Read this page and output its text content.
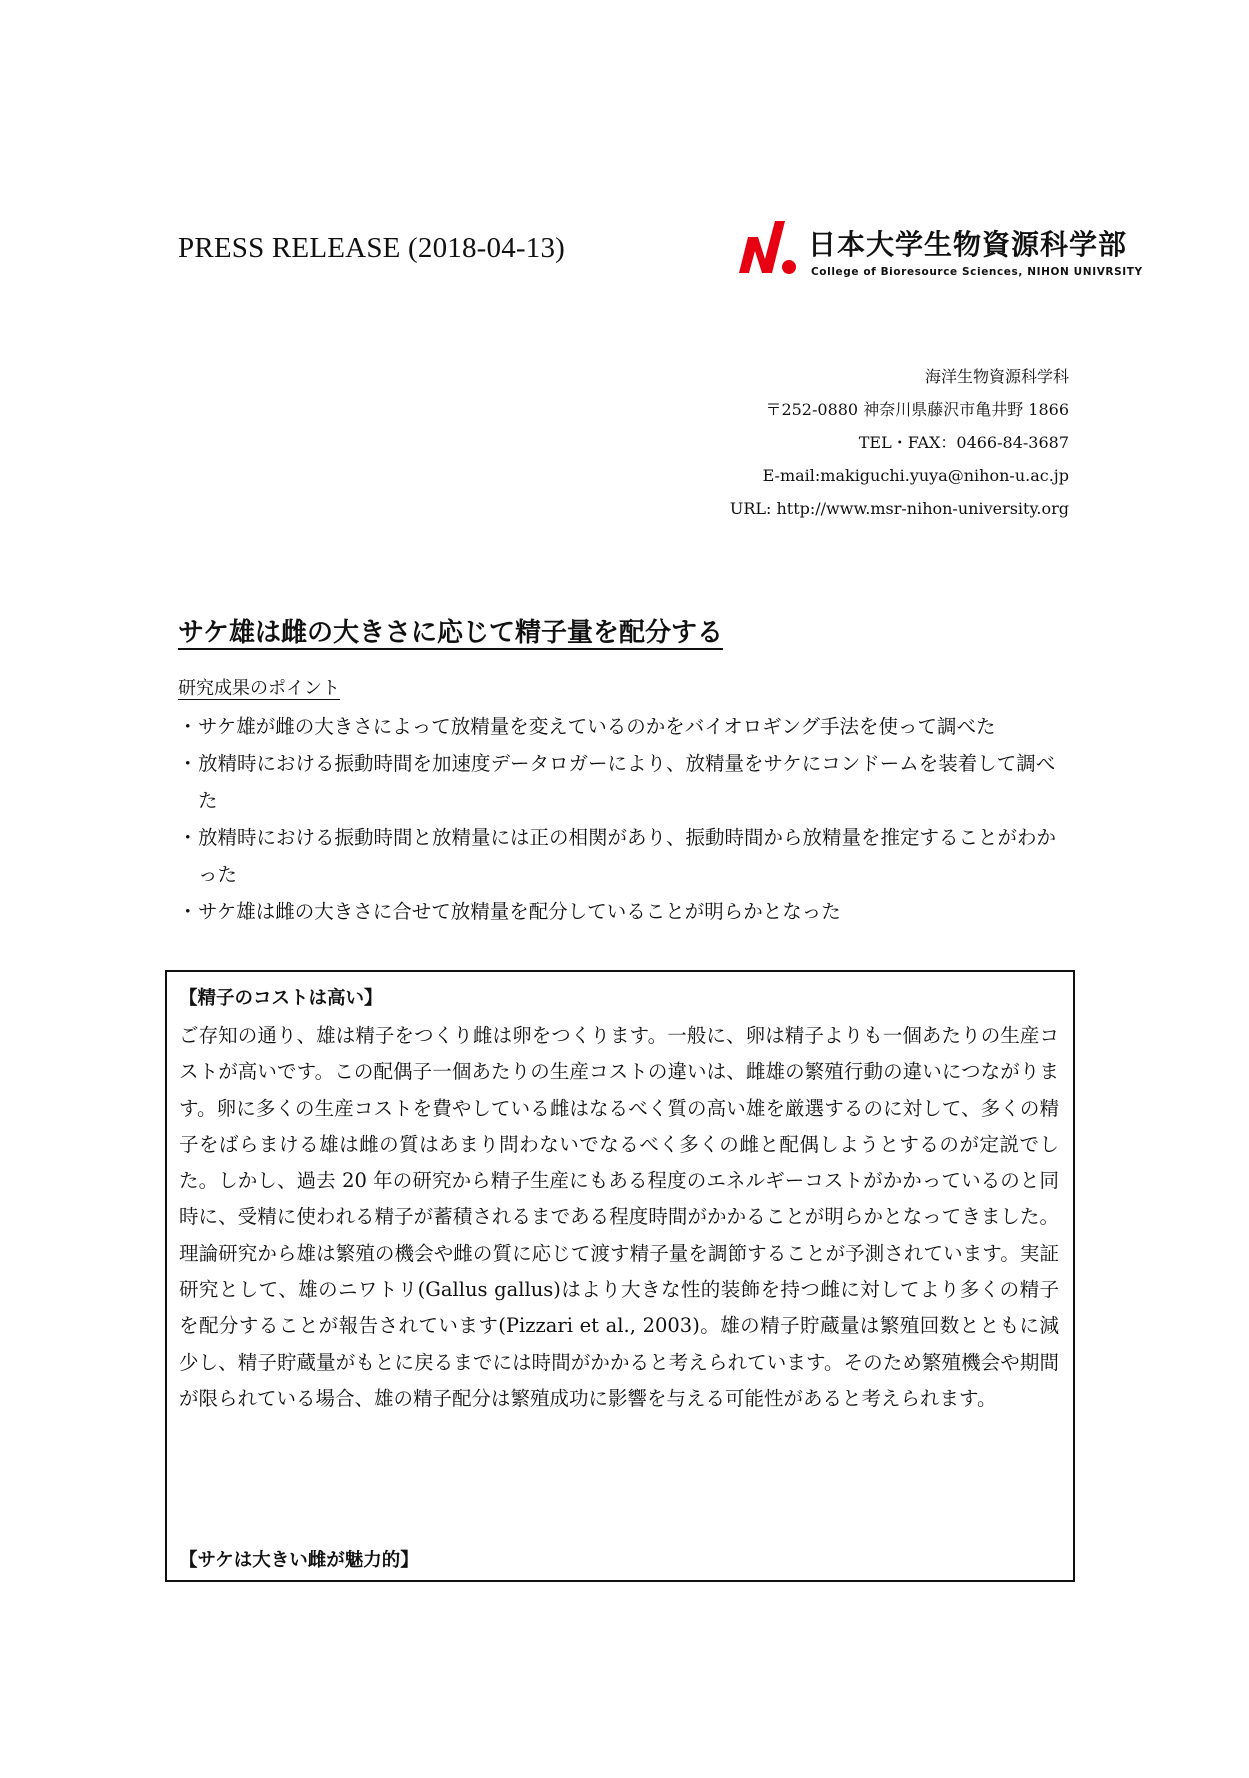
PRESS RELEASE (2018-04-13)	日本大学生物資源科学部
College of Bioresource Sciences, NIHON UNIVRSITY
海洋生物資源科学科
〒252-0880 神奈川県藤沢市亀井野 1866
TEL・FAX：0466-84-3687
E-mail:makiguchi.yuya@nihon-u.ac.jp
URL: http://www.msr-nihon-university.org
サケ雄は雌の大きさに応じて精子量を配分する
研究成果のポイント
・ サケ雄が雌の大きさによって放精量を変えているのかをバイオロギング手法を使って調べた
・ 放精時における振動時間を加速度データロガーにより、放精量をサケにコンドームを装着して調べた
・ 放精時における振動時間と放精量には正の相関があり、振動時間から放精量を推定することがわかった
・ サケ雄は雌の大きさに合せて放精量を配分していることが明らかとなった
【精子のコストは高い】
ご存知の通り、雄は精子をつくり雌は卵をつくります。一般に、卵は精子よりも一個あたりの生産コストが高いです。この配偶子一個あたりの生産コストの違いは、雌雄の繁殖行動の違いにつながります。卵に多くの生産コストを費やしている雌はなるべく質の高い雄を厳選するのに対して、多くの精子をばらまける雄は雌の質はあまり問わないでなるべく多くの雌と配偶しようとするのが定説でした。しかし、過去 20 年の研究から精子生産にもある程度のエネルギーコストがかかっているのと同時に、受精に使われる精子が蓄積されるまである程度時間がかかることが明らかとなってきました。理論研究から雄は繁殖の機会や雌の質に応じて渡す精子量を調節することが予測されています。実証研究として、雄のニワトリ(Gallus gallus)はより大きな性的装飾を持つ雌に対してより多くの精子を配分することが報告されています(Pizzari et al., 2003)。雄の精子貯蔵量は繁殖回数とともに減少し、精子貯蔵量がもとに戻るまでには時間がかかると考えられています。そのため繁殖機会や期間が限られている場合、雄の精子配分は繁殖成功に影響を与える可能性があると考えられます。
【サケは大きい雌が魅力的】
